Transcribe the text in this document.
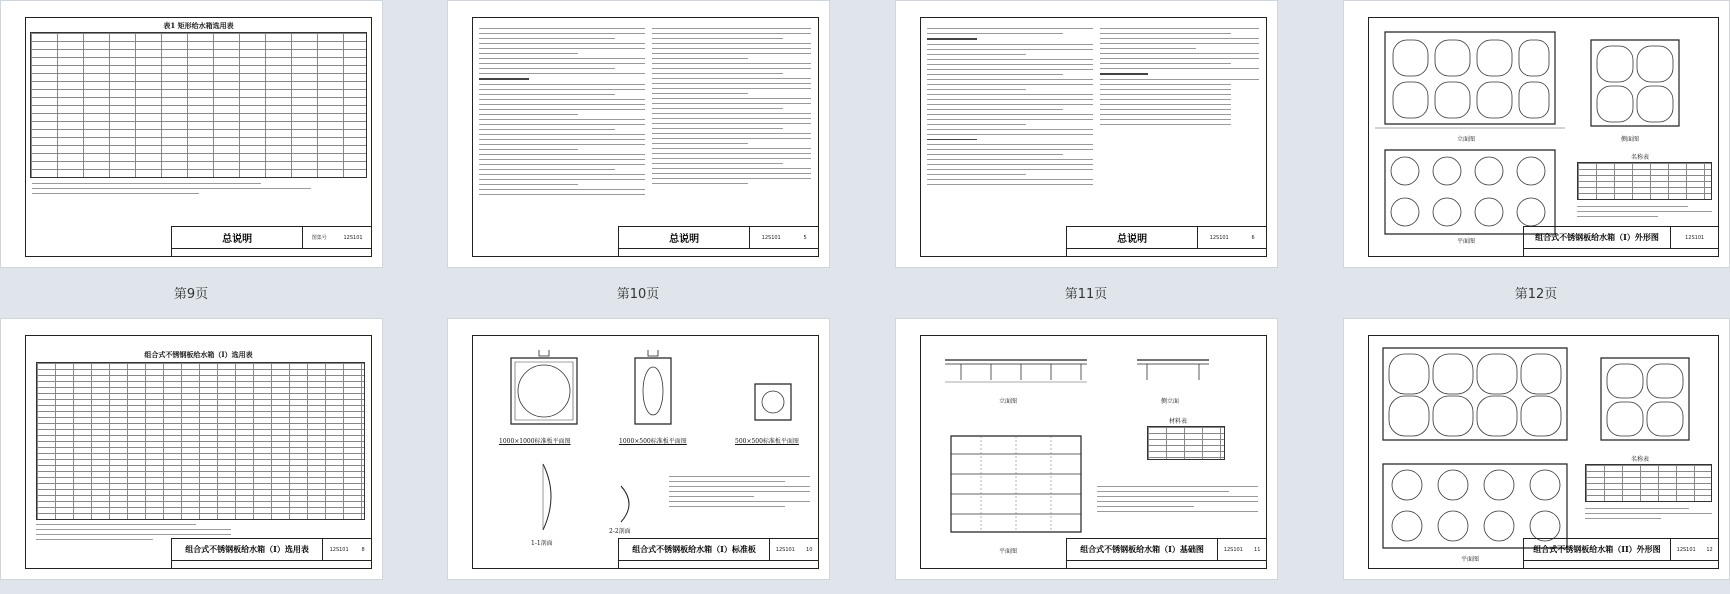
表1 矩形给水箱选用表
总说明	图集号	12S101
第9页
总说明	12S101	5
第10页
总说明	12S101	6
第11页
立面图	侧面图
平面图
名称表
组合式不锈钢板给水箱（I）外形图	12S101
第12页
组合式不锈钢板给水箱（I）选用表
组合式不锈钢板给水箱（I）选用表	12S101	8
1000×1000标准板平面图	1000×500标准板平面图	500×500标准板平面图
1-1剖面
2-2剖面
组合式不锈钢板给水箱（I）标准板	12S101 10
立面图	侧立面
材料表
平面图	组合式不锈钢板给水箱（I）基础图	12S101 11
名称表
平面图
组合式不锈钢板给水箱（II）外形图	12S101 12
